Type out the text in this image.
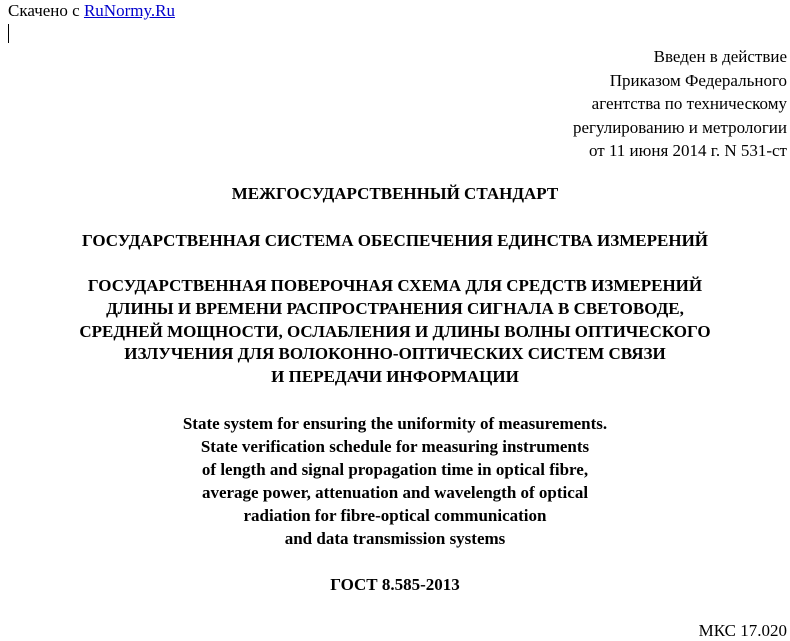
Скачено с RuNormy.Ru
Введен в действие
Приказом Федерального
агентства по техническому
регулированию и метрологии
от 11 июня 2014 г. N 531-ст
МЕЖГОСУДАРСТВЕННЫЙ СТАНДАРТ
ГОСУДАРСТВЕННАЯ СИСТЕМА ОБЕСПЕЧЕНИЯ ЕДИНСТВА ИЗМЕРЕНИЙ
ГОСУДАРСТВЕННАЯ ПОВЕРОЧНАЯ СХЕМА ДЛЯ СРЕДСТВ ИЗМЕРЕНИЙ
ДЛИНЫ И ВРЕМЕНИ РАСПРОСТРАНЕНИЯ СИГНАЛА В СВЕТОВОДЕ,
СРЕДНЕЙ МОЩНОСТИ, ОСЛАБЛЕНИЯ И ДЛИНЫ ВОЛНЫ ОПТИЧЕСКОГО
ИЗЛУЧЕНИЯ ДЛЯ ВОЛОКОННО-ОПТИЧЕСКИХ СИСТЕМ СВЯЗИ
И ПЕРЕДАЧИ ИНФОРМАЦИИ
State system for ensuring the uniformity of measurements.
State verification schedule for measuring instruments
of length and signal propagation time in optical fibre,
average power, attenuation and wavelength of optical
radiation for fibre-optical communication
and data transmission systems
ГОСТ 8.585-2013
МКС 17.020
